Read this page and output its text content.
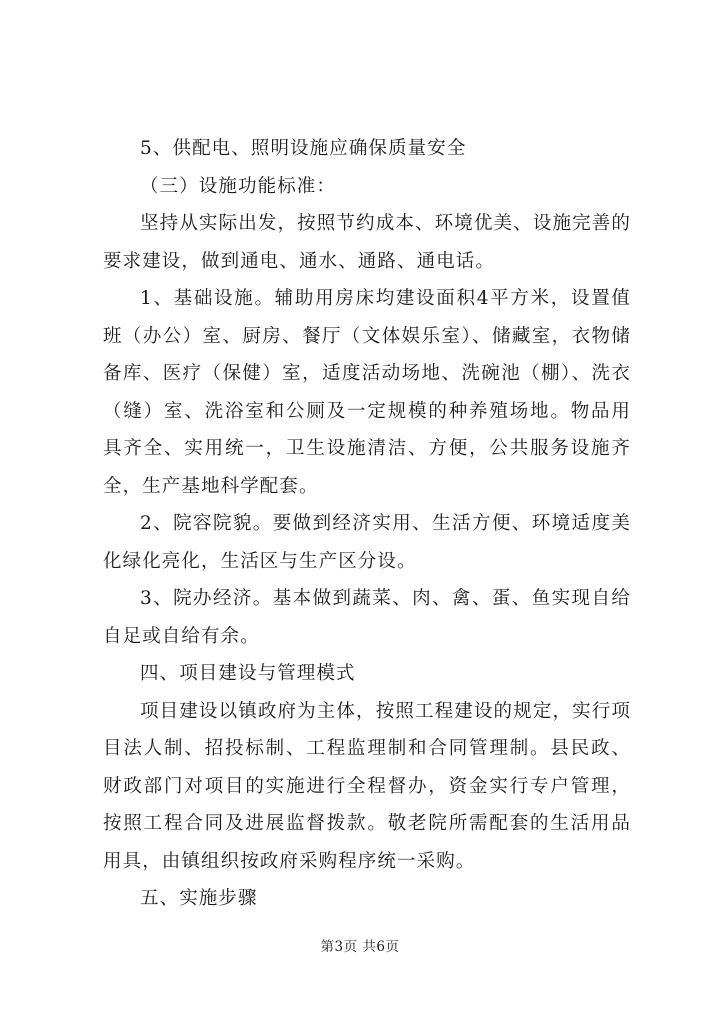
5、供配电、照明设施应确保质量安全

（三）设施功能标准：

坚持从实际出发，按照节约成本、环境优美、设施完善的要求建设，做到通电、通水、通路、通电话。

1、基础设施。辅助用房床均建设面积4平方米，设置值班（办公）室、厨房、餐厅（文体娱乐室）、储藏室，衣物储备库、医疗（保健）室，适度活动场地、洗碗池（棚）、洗衣（缝）室、洗浴室和公厕及一定规模的种养殖场地。物品用具齐全、实用统一，卫生设施清洁、方便，公共服务设施齐全，生产基地科学配套。

2、院容院貌。要做到经济实用、生活方便、环境适度美化绿化亮化，生活区与生产区分设。

3、院办经济。基本做到蔬菜、肉、禽、蛋、鱼实现自给自足或自给有余。

四、项目建设与管理模式

项目建设以镇政府为主体，按照工程建设的规定，实行项目法人制、招投标制、工程监理制和合同管理制。县民政、财政部门对项目的实施进行全程督办，资金实行专户管理，按照工程合同及进展监督拨款。敬老院所需配套的生活用品用具，由镇组织按政府采购程序统一采购。

五、实施步骤

第3页 共6页
